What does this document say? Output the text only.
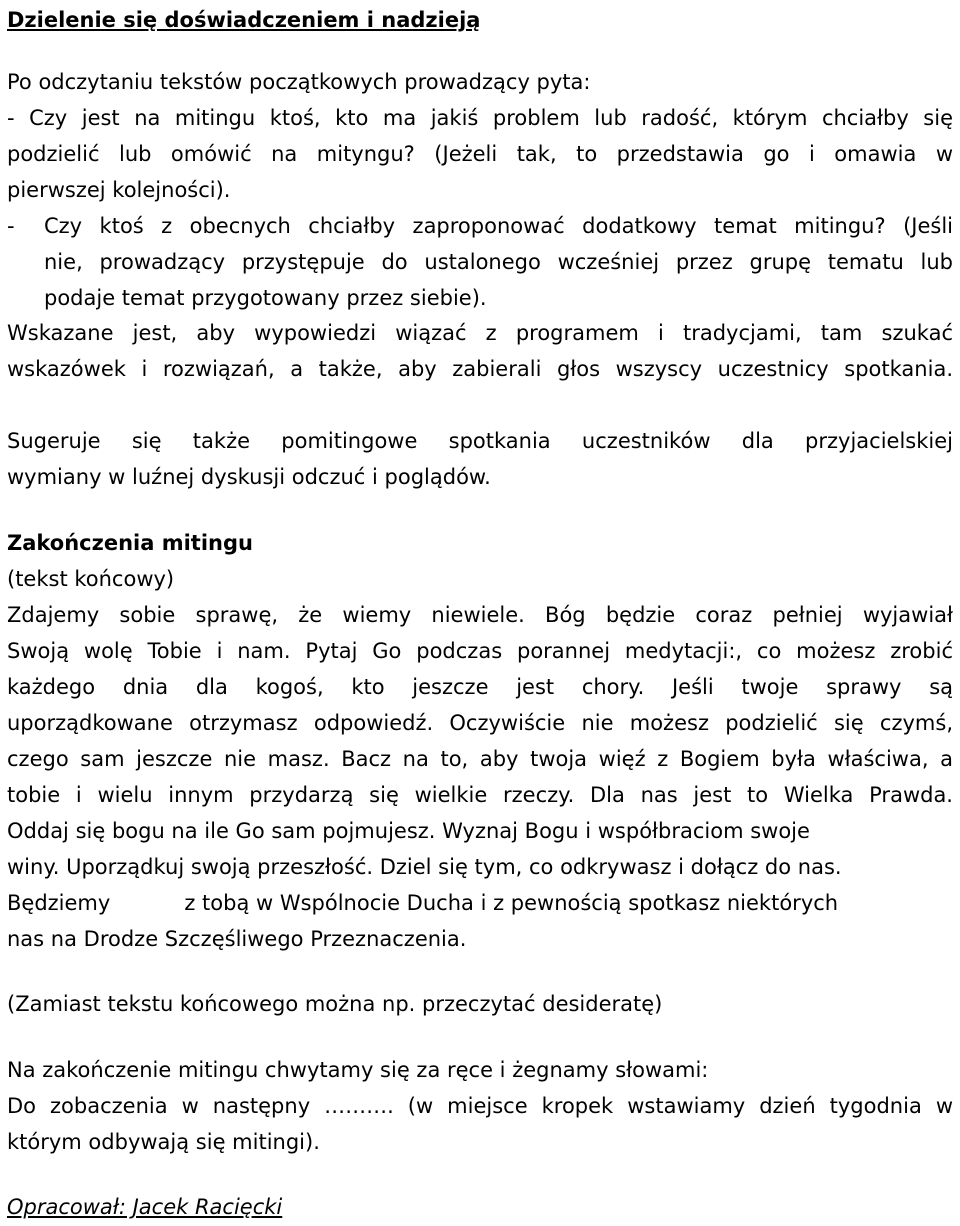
Dzielenie się doświadczeniem i nadzieją
Po odczytaniu tekstów początkowych prowadzący pyta:
- Czy jest na mitingu ktoś, kto ma jakiś problem lub radość, którym chciałby się
podzielić lub omówić na mityngu? (Jeżeli tak, to przedstawia go i omawia w
pierwszej kolejności).
-	Czy ktoś z obecnych chciałby zaproponować dodatkowy temat mitingu? (Jeśli
nie, prowadzący przystępuje do ustalonego wcześniej przez grupę tematu lub
podaje temat przygotowany przez siebie).
Wskazane jest, aby wypowiedzi wiązać z programem i tradycjami, tam szukać
wskazówek i rozwiązań, a także, aby zabierali głos wszyscy uczestnicy spotkania.
Sugeruje się także pomitingowe spotkania uczestników dla przyjacielskiej
wymiany w luźnej dyskusji odczuć i poglądów.
Zakończenia mitingu
(tekst końcowy)
Zdajemy sobie sprawę, że wiemy niewiele. Bóg będzie coraz pełniej wyjawiał
Swoją wolę Tobie i nam. Pytaj Go podczas porannej medytacji:, co możesz zrobić
każdego dnia dla kogoś, kto jeszcze jest chory. Jeśli twoje sprawy są
uporządkowane otrzymasz odpowiedź. Oczywiście nie możesz podzielić się czymś,
czego sam jeszcze nie masz. Bacz na to, aby twoja więź z Bogiem była właściwa, a
tobie i wielu innym przydarzą się wielkie rzeczy. Dla nas jest to Wielka Prawda.
Oddaj się bogu na ile Go sam pojmujesz. Wyznaj Bogu i współbraciom swoje
winy. Uporządkuj swoją przeszłość. Dziel się tym, co odkrywasz i dołącz do nas.
Będziemy	z tobą w Wspólnocie Ducha i z pewnością spotkasz niektórych
nas na Drodze Szczęśliwego Przeznaczenia.
(Zamiast tekstu końcowego można np. przeczytać desideratę)
Na zakończenie mitingu chwytamy się za ręce i żegnamy słowami:
Do zobaczenia w następny ………. (w miejsce kropek wstawiamy dzień tygodnia w
którym odbywają się mitingi).
Opracował: Jacek Racięcki
